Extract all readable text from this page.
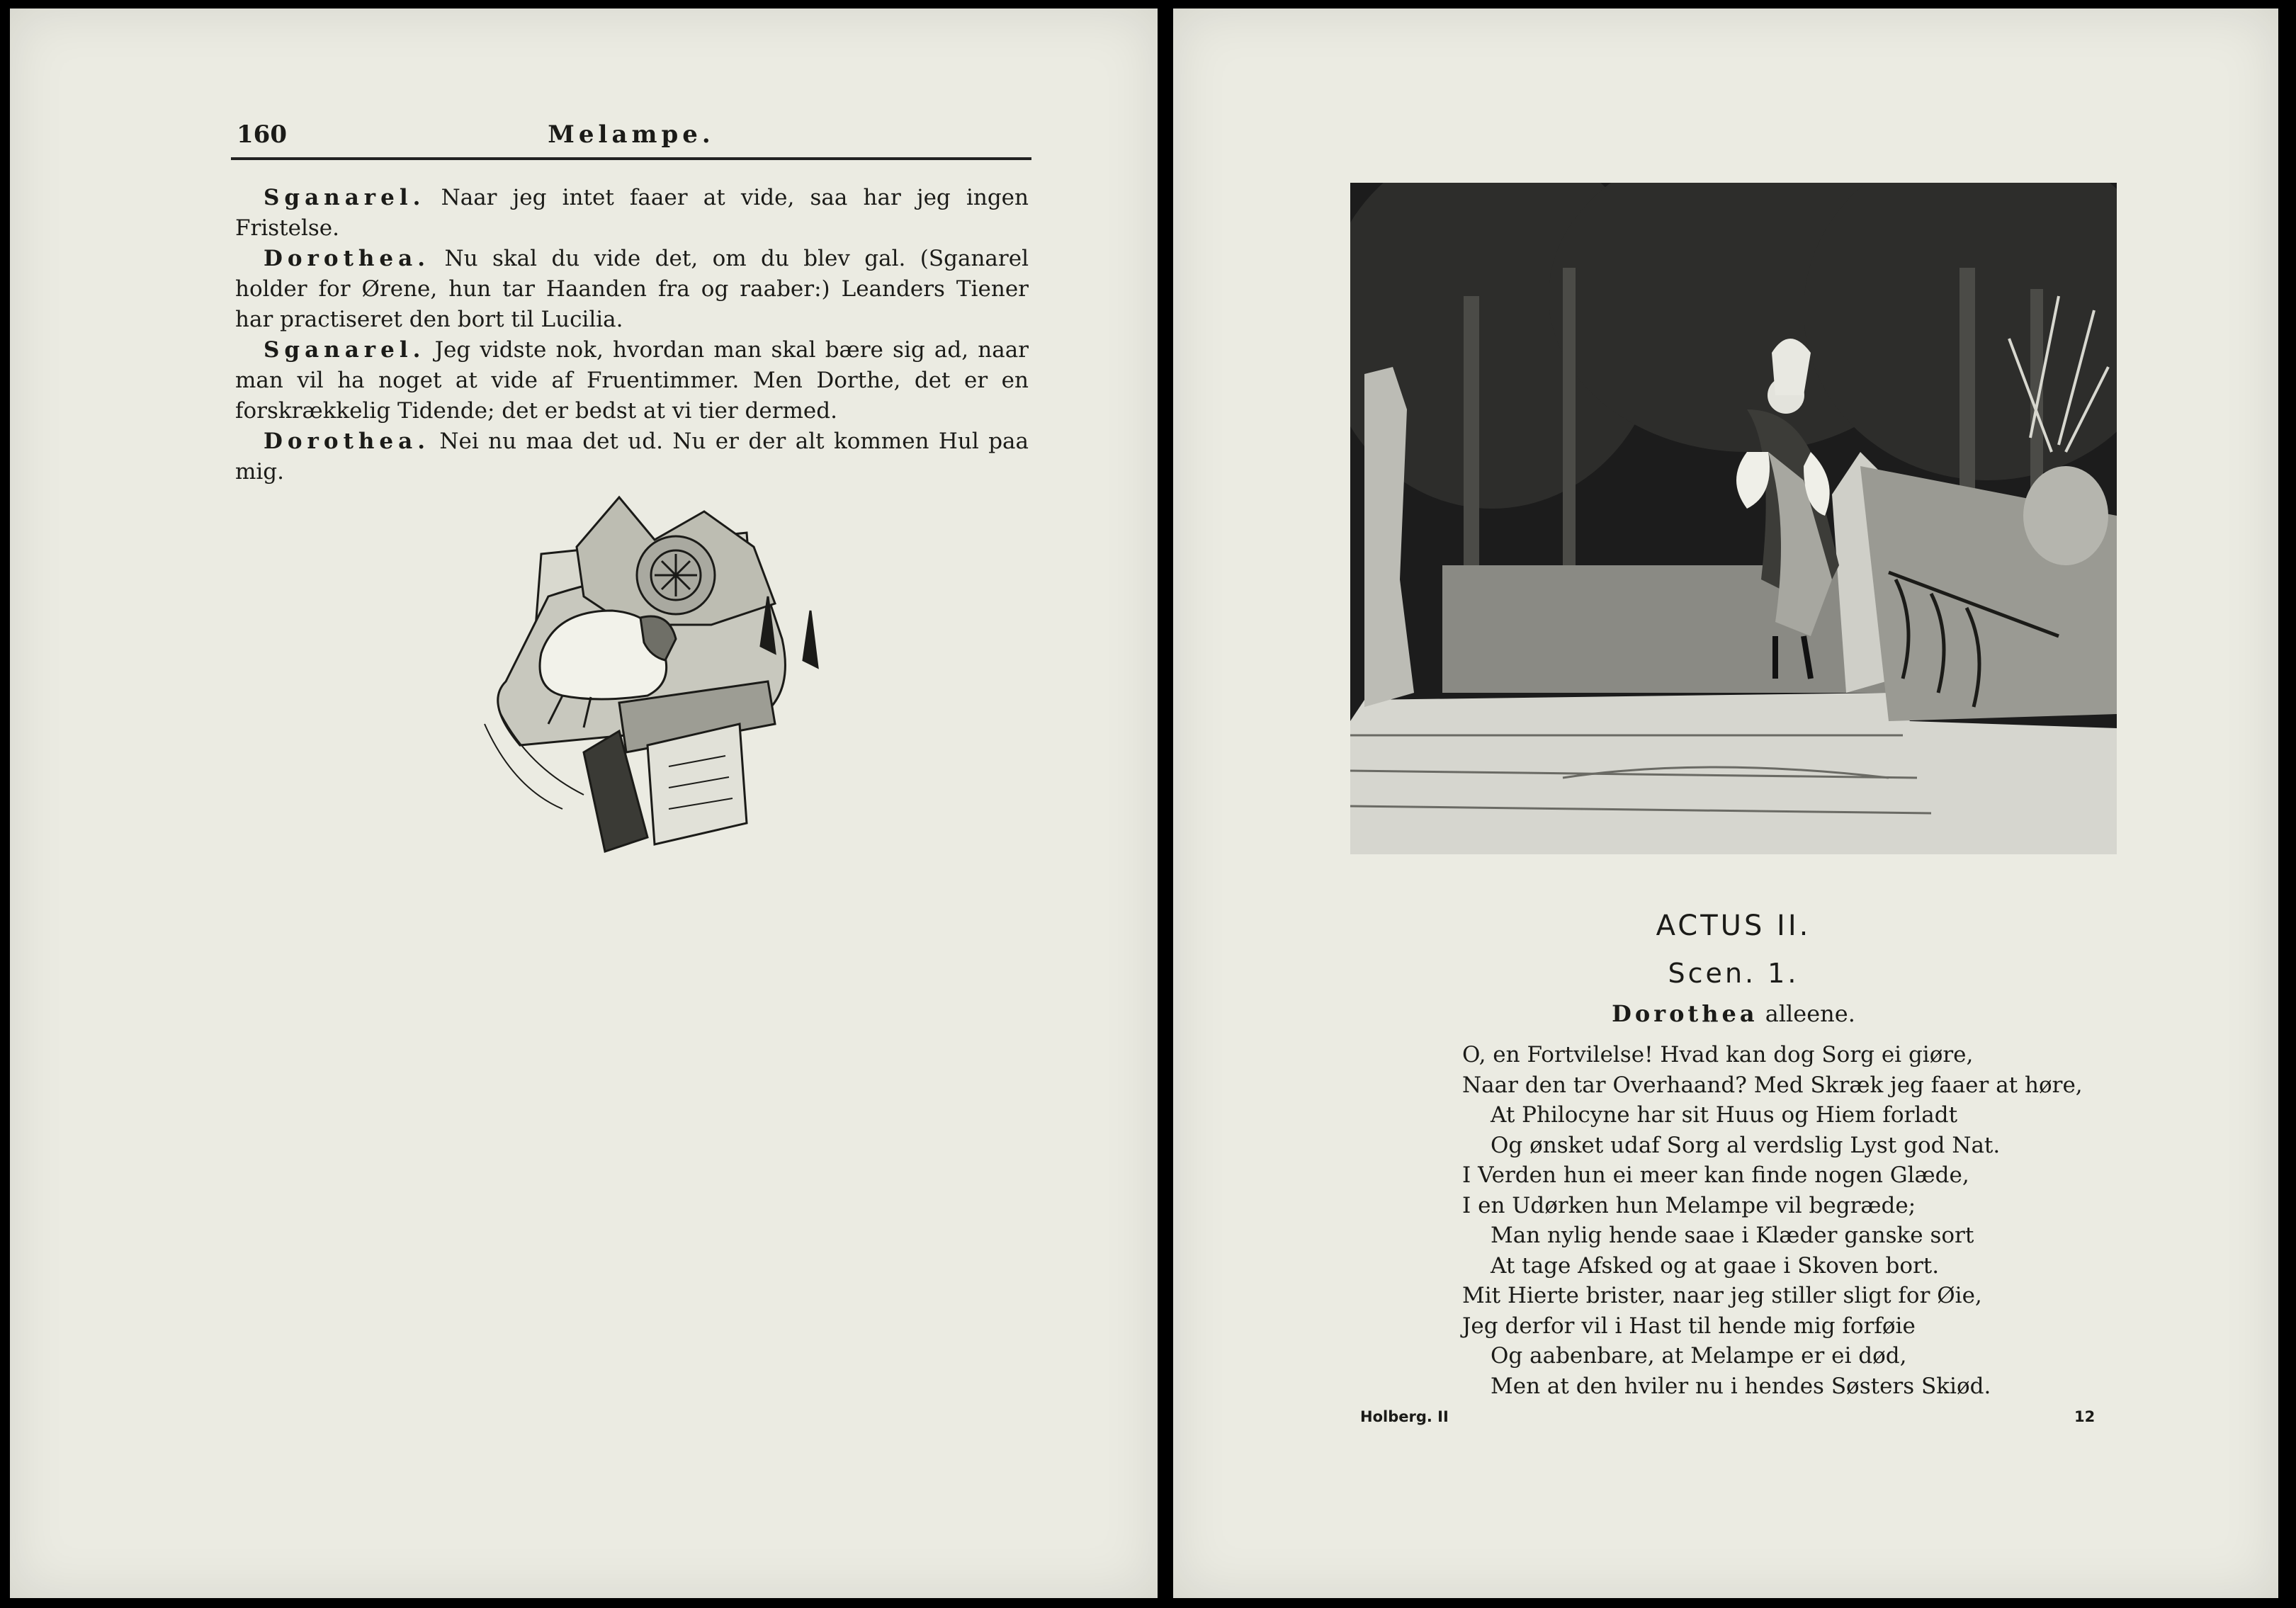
160	Melampe.

Sganarel. Naar jeg intet faaer at vide, saa har jeg ingen Fristelse.

Dorothea. Nu skal du vide det, om du blev gal. (Sganarel holder for Ørene, hun tar Haanden fra og raaber:) Leanders Tiener har practiseret den bort til Lucilia.

Sganarel. Jeg vidste nok, hvordan man skal bære sig ad, naar man vil ha noget at vide af Fruentimmer. Men Dorthe, det er en forskrækkelig Tidende; det er bedst at vi tier dermed.

Dorothea. Nei nu maa det ud. Nu er der alt kommen Hul paa mig.

ACTUS II.
Scen. 1.
Dorothea alleene.
O, en Fortvilelse! Hvad kan dog Sorg ei giøre,
Naar den tar Overhaand? Med Skræk jeg faaer at høre,
At Philocyne har sit Huus og Hiem forladt
Og ønsket udaf Sorg al verdslig Lyst god Nat.
I Verden hun ei meer kan finde nogen Glæde,
I en Udørken hun Melampe vil begræde;
Man nylig hende saae i Klæder ganske sort
At tage Afsked og at gaae i Skoven bort.
Mit Hierte brister, naar jeg stiller sligt for Øie,
Jeg derfor vil i Hast til hende mig forføie
Og aabenbare, at Melampe er ei død,
Men at den hviler nu i hendes Søsters Skiød.
Holberg. II	12
